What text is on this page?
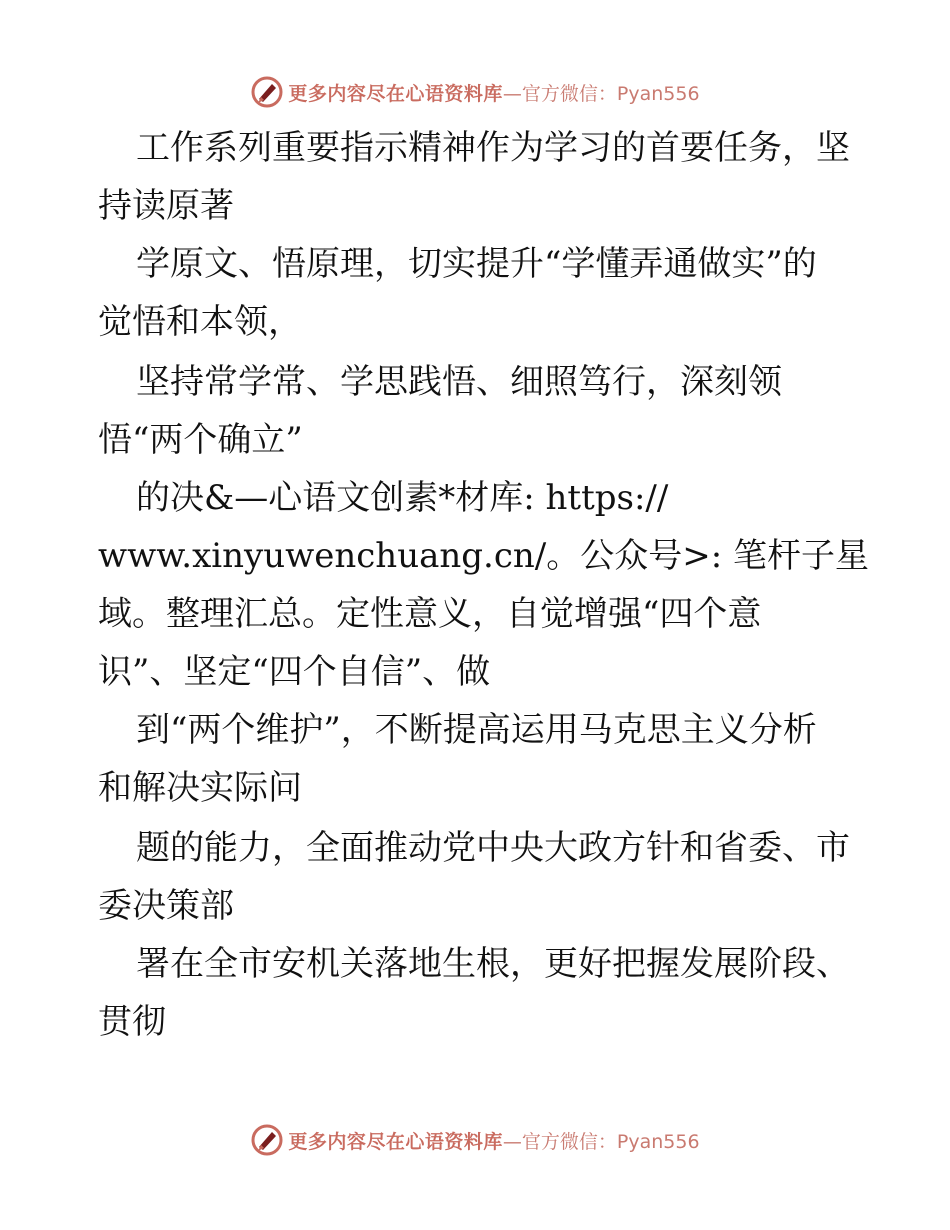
更多内容尽在心语资料库 —官方微信：Pyan556
工作系列重要指示精神作为学习的首要任务，坚
持读原著
学原文、悟原理，切实提升“学懂弄通做实”的
觉悟和本领，
坚持常学常、学思践悟、细照笃行，深刻领
悟“两个确立”
的决&—心语文创素*材库: https://
www.xinyuwenchuang.cn/。公众号>: 笔杆子星
域。整理汇总。定性意义，自觉增强“四个意
识”、坚定“四个自信”、做
到“两个维护”，不断提高运用马克思主义分析
和解决实际问
题的能力，全面推动党中央大政方针和省委、市
委决策部
署在全市安机关落地生根，更好把握发展阶段、
贯彻
更多内容尽在心语资料库 —官方微信：Pyan556
